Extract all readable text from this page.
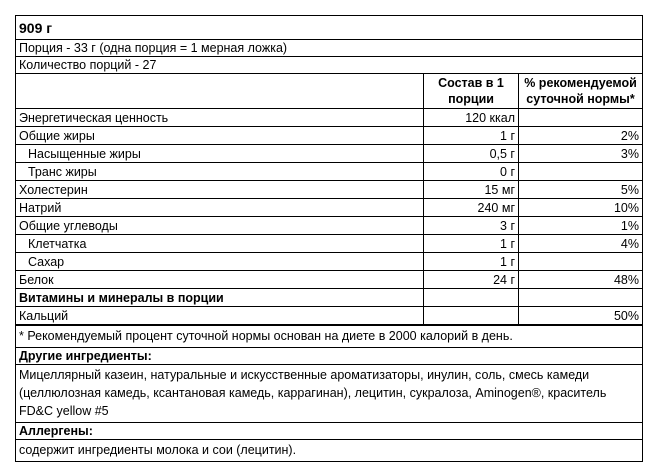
909 г
Порция - 33 г (одна порция = 1 мерная ложка)
Количество порций - 27
	Состав в 1 порции	% рекомендуемой суточной нормы*
Энергетическая ценность	120 ккал	
Общие жиры	1 г	2%
Насыщенные жиры	0,5 г	3%
Транс жиры	0 г	
Холестерин	15 мг	5%
Натрий	240 мг	10%
Общие углеводы	3 г	1%
Клетчатка	1 г	4%
Сахар	1 г	
Белок	24 г	48%
Витамины и минералы в порции		
Кальций		50%
* Рекомендуемый процент суточной нормы основан на диете в 2000 калорий в день.
Другие ингредиенты:
Мицеллярный казеин, натуральные и искусственные ароматизаторы, инулин, соль, смесь камеди (целлюлозная камедь, ксантановая камедь, каррагинан), лецитин, сукралоза, Aminogen®, краситель FD&C yellow #5
Аллергены:
содержит ингредиенты молока и сои (лецитин).
